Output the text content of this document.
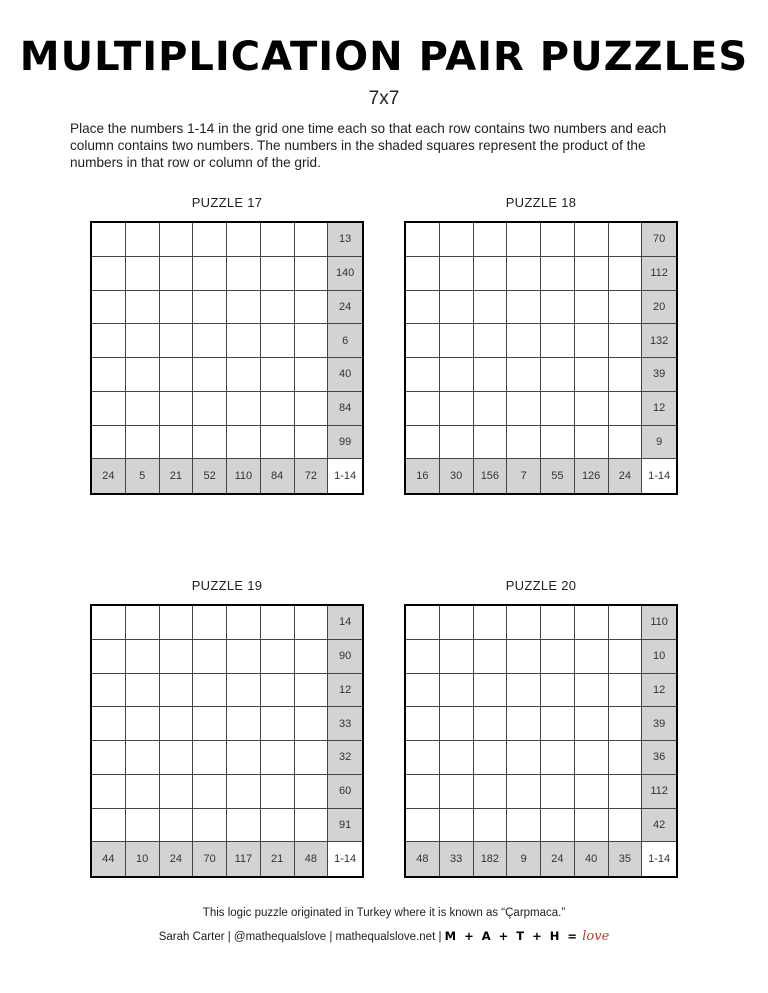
MULTIPLICATION PAIR PUZZLES
7x7
Place the numbers 1-14 in the grid one time each so that each row contains two numbers and each column contains two numbers. The numbers in the shaded squares represent the product of the numbers in that row or column of the grid.
PUZZLE 17
13
140
24
6
40
84
99
24	5	21	52	110	84	72	1-14
PUZZLE 18
70
112
20
132
39
12
9
16	30	156	7	55	126	24	1-14
PUZZLE 19
14
90
12
33
32
60
91
44	10	24	70	117	21	48	1-14
PUZZLE 20
110
10
12
39
36
112
42
48	33	182	9	24	40	35	1-14
This logic puzzle originated in Turkey where it is known as “Çarpmaca.”
Sarah Carter | @mathequalslove | mathequalslove.net | M + A + T + H = love
